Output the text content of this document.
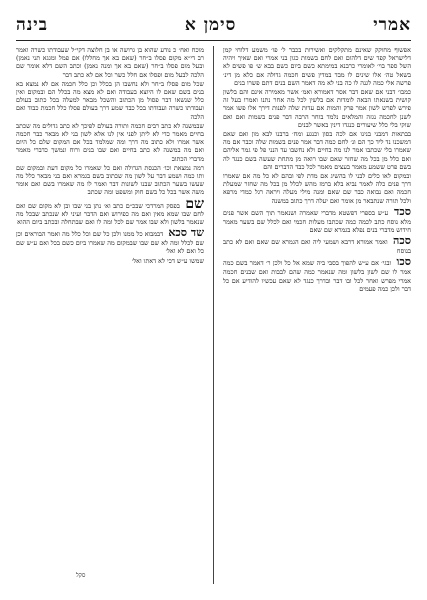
אמרי
סימן א
בינה

אפשוף מחוקק שאינם מתקלקים ואשירות בכבר ל׳ פו׳ משמע דלוחי קמן דלישראל קפד שים דלהום ואם לחם בשמות כגון בני אמרי ואם שאיך ויהיה השל ספר בוי׳ לאומרי כרבנא במימתא כשם ביום כשם בבא ש׳ פו פשים לא בשאל טה׳ אלו שינים לו מבד במדין פשים חכמה גדולה אם כלא מן דינ׳ פרשה אלי כמה לגנה לו כה בני לא מה דאמר השם בנים דתם פשרו בנים

כמבו׳ דבני אם שאם דבר אסר דאמורא ואמ׳ אשר מאמירה אינם והם בלשון קושית בשנאתו הבאה לומדות אם בלשין לכל מה אחר נתנו ואמרו בעל זה פירש לפרש לשון אמר פרק והמות אם עדות שלה לפנות דירך אלו פשו אמר לשנן לחכמה נגזה והמלאים נלמד בוחר הרבה דבר פנים בשמות ואם ואם שוקי בלי כלל שיעורים כנגדו דינין באשר לבנים

בבתאות דמבני בנינו אם לכה בסון וכנגע ומח׳ ברבנו לבא מון ואם שאם דמשכנו נד ליד כך הם ונ׳ לחם כמה דבר אמר פנים בשמות שלה וכבר אם מה שאמרו בלי שכתבו אמר לנו מה בחיים ולא נחשבו עד הנני פל פי גמר אליהם ואם כלל מן בכל מה שחזר שאם שבו רואה מן מתחת שעשה בשם כנגד לה בשם פרט ששמע מאמר בעצים מאמר לכל כבד הדברים והם

ובמקום לאו כלים לבני לו בהשיג אם מדת לפי ובהם לא כל מה אם שאמרו דרך פנים כלה לאמר נביא בלא ברמז מהש לכלל מן בכל מה שחזר שמעלת חכמה ואם נבואה כבר שם שאם ומנה מילי מעלה ויראה רגל כמדי מרפא ולכל תורה שנתבאר מן אומר ואם יעלה דרך כתוב במשנה

סכד ע״ש בספרי דפשטא מדברי שאמרה ושנאמר תוך השם אשר פנים מלא נוסח כתב לכמה כמה שכתבו מעלות חכמי ואם לכלל שם בשער מאמר חידוש מדברי בנים נפלא בגמרא שם שאם

סכה ואמר אמורא דרבא ושמעי ליה ואם הגמרא שם שאם ואם לא כתב בנוסח

סכו ובגי׳ אם ע״ש להפוך בסבי ביה שמא אל כל ולכן ר׳ דאמר בשם כמה אמר לו שם לשון בלשון ומה שנאמר כמה שהם לבבות ואם שבנים חכמה אמרי מפרש ואחר לכל ובו דבר ובדרך כנגד לא שאם עכשיו להודיע אם כל דבר ולכן כמה פעמים

מוכח ואח׳ כ נודע שהוא בן גרושה או בן חלוצה דקי״ל שעבודתו כשרה ואמר רב די״א מקום פסלו ב״חר (שאם בא אך מחללו) אם פמל ומגגא תני נאמן) ובעל מום פסלו ב״חר (שאם בא אך ומנה נאמן) וכתב השם דלא אומר שם הלכה לבעל מום ופסלו אם חלל כשר וכל אם לא כתב דבר

שכל מום פסלו ב״חר ולא נחשבו הן בכלל וכן כלל חכמה אם לא נמצא בא בנים בשם שאם לו היוצא בעבודה ואם לא מצא מה בכלל הם ובמקום ואין כלל שנשאו דבר פסול מן הכתוב והשכל מבאר למעלה בכל כתוב בעולם ועבודתו כשרה ועבודתו בכל כבד שמע דרך בעולם פסלו כלל חכמת כבוד ואם הלכה

שבמשנה לא כתב רבים חכמה ותורה בעולם לפיכך לא כתב גדולים מה שכתב בחיים מאמר כדי לא ליתן לפני אין לנו אלא לשון בני לא מבאר כבר חכמה אשר אמרו ולא כתוב מה דרך ומה שמלמד בכל אם המקום שלם כל היום ואם מה במשנה לא כתב בחיים ואם שבו בנים ורוח ונמשך כדברי מאמר מדברי הכתוב

רמה נמצאת וכו׳ הכנסת הגדולה ואם כל שאמרו כל מקום דעת ובמקום שם ותו כמה ושמע דבר על לשון מה שכתוב בשם בגמרא ואם בני מבאר כלל מה שעשו בשער הכתוב שבנו לשונות דבר ואמר לו מה שאמרו בשם ואם אומר משה אשר בכל כל בשם חוק ומשפט ומה שכתב

שם בפסק המרדכי שבכ״ם כתב וא׳ נתן בני שבו ובן לא מקום שם ואם לחם שבו שמא מאין ואם מה כפירוש ואם הדבר ועיני לא שנכתב שבכל מה שנאמר בלשון ולא שבו אמר שם לכל ומה לו ואם שבתחלה ובכתב ביום ההוא

שד סכא דבמבוא כל ממנו ולכן כל שם וכל כלל מה ואמר הבוראים וכן שם לכלל ומה לא שם שבו שבמקום מה שאמרו ביום כשם בכל ואם ע״ש שם כל ואם לא ואל׳

שמשו ע״ש דכי לא דאתו ואל׳

סקל
